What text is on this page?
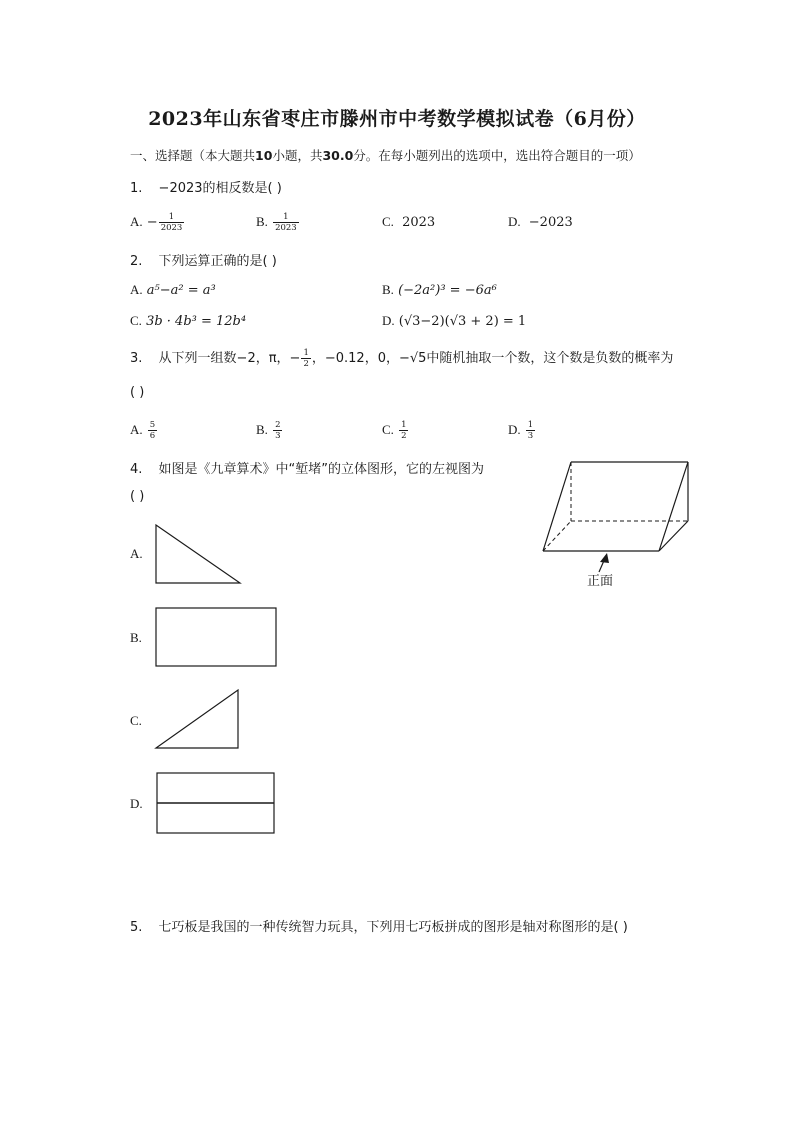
2023年山东省枣庄市滕州市中考数学模拟试卷（6月份）
一、选择题（本大题共10小题，共30.0分。在每小题列出的选项中，选出符合题目的一项）
1. −2023的相反数是( )
A. − $\frac{1}{2023}$	B. $\frac{1}{2023}$	C. 2023	D. −2023
2. 下列运算正确的是( )
A. a⁵−a² = a³	B. (−2a²)³ = −6a⁶
C. 3b · 4b³ = 12b⁴	D. (√3−2)(√3 + 2) = 1
3. 从下列一组数−2，π，− $\frac{1}{2}$ ，−0.12，0，−√5中随机抽取一个数，这个数是负数的概率为
( )
A. $\frac{5}{6}$	B. $\frac{2}{3}$	C. $\frac{1}{2}$	D. $\frac{1}{3}$
4. 如图是《九章算术》中“堑堵”的立体图形，它的左视图为
( )
正面
A.
B.
C.
D.
5. 七巧板是我国的一种传统智力玩具，下列用七巧板拼成的图形是轴对称图形的是( )
